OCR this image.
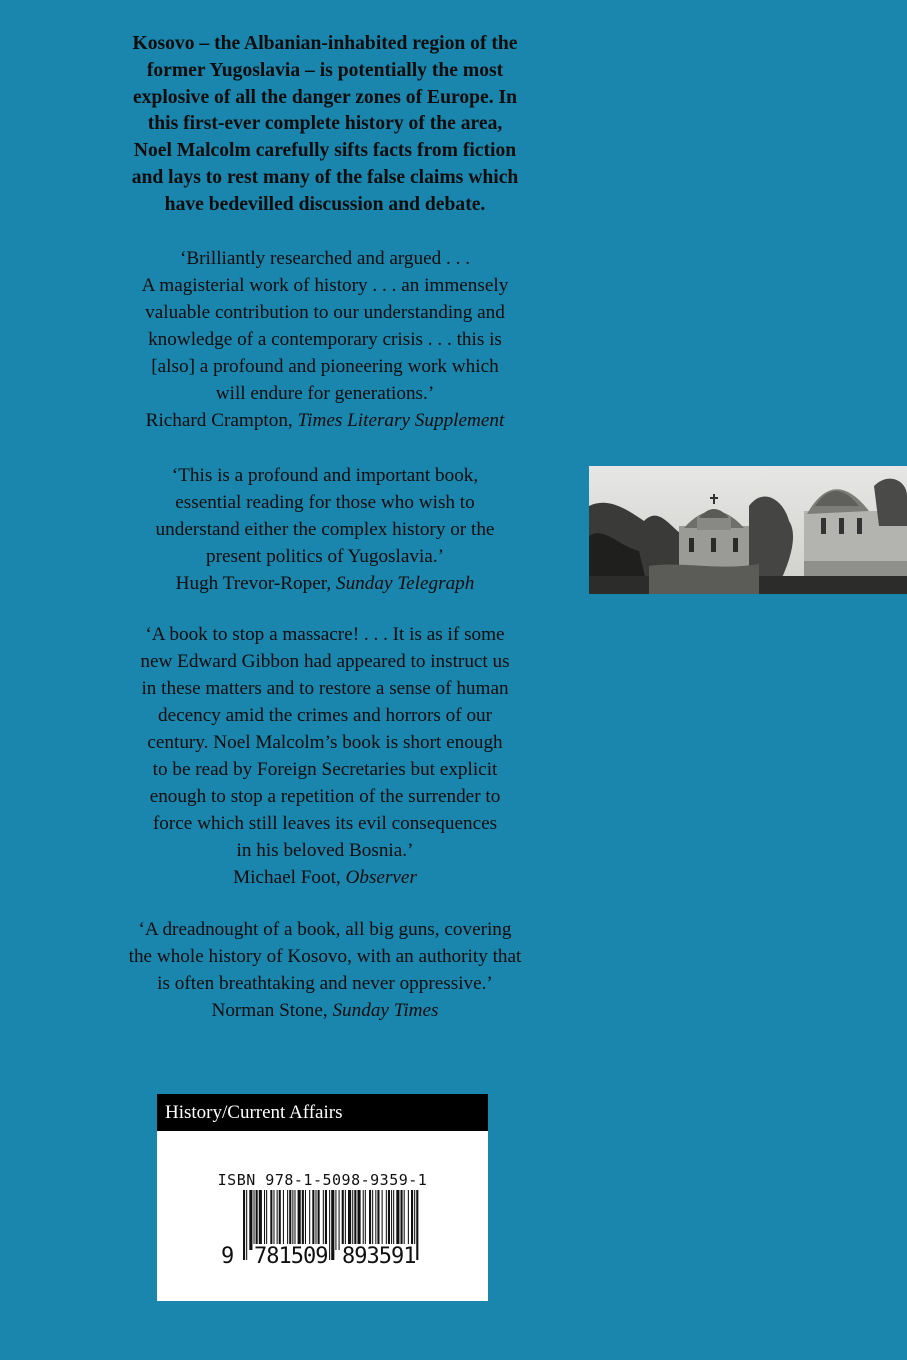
Kosovo – the Albanian-inhabited region of the
former Yugoslavia – is potentially the most
explosive of all the danger zones of Europe. In
this first-ever complete history of the area,
Noel Malcolm carefully sifts facts from fiction
and lays to rest many of the false claims which
have bedevilled discussion and debate.
‘Brilliantly researched and argued . . .
A magisterial work of history . . . an immensely
valuable contribution to our understanding and
knowledge of a contemporary crisis . . . this is
[also] a profound and pioneering work which
will endure for generations.’
Richard Crampton, Times Literary Supplement
‘This is a profound and important book,
essential reading for those who wish to
understand either the complex history or the
present politics of Yugoslavia.’
Hugh Trevor-Roper, Sunday Telegraph
‘A book to stop a massacre! . . . It is as if some
new Edward Gibbon had appeared to instruct us
in these matters and to restore a sense of human
decency amid the crimes and horrors of our
century. Noel Malcolm’s book is short enough
to be read by Foreign Secretaries but explicit
enough to stop a repetition of the surrender to
force which still leaves its evil consequences
in his beloved Bosnia.’
Michael Foot, Observer
‘A dreadnought of a book, all big guns, covering
the whole history of Kosovo, with an authority that
is often breathtaking and never oppressive.’
Norman Stone, Sunday Times
History/Current Affairs
ISBN 978-1-5098-9359-1
9 781509 893591
